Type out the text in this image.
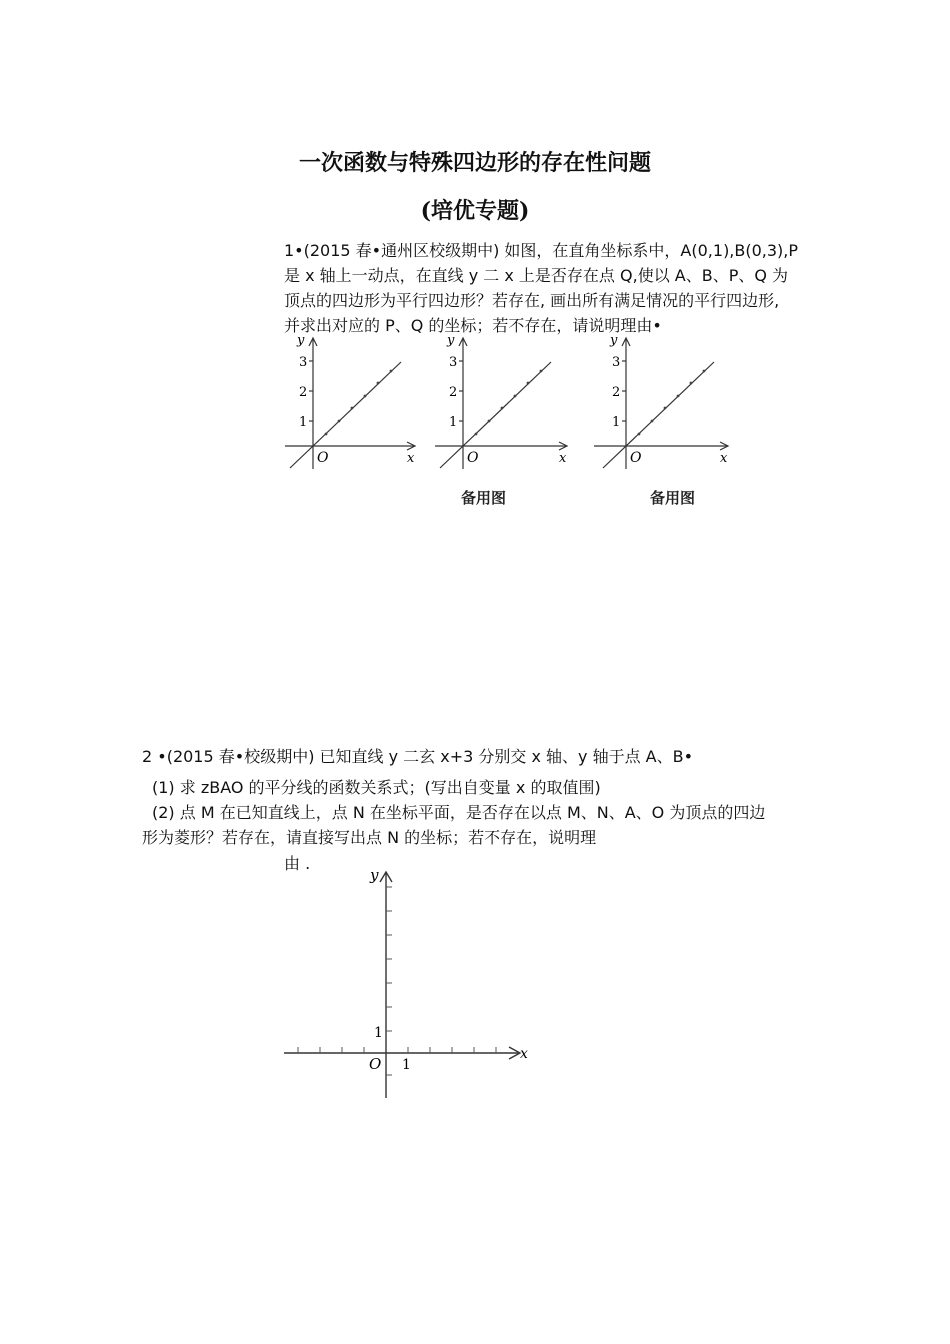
一次函数与特殊四边形的存在性问题
(培优专题)
1•(2015 春•通州区校级期中) 如图，在直角坐标系中，A(0,1),B(0,3),P
是 x 轴上一动点，在直线 y 二 x 上是否存在点 Q,使以 A、B、P、Q 为
顶点的四边形为平行四边形？若存在, 画出所有满足情况的平行四边形,
并求出对应的 P、Q 的坐标；若不存在，请说明理由•
y
x
O
1
2
3
y
x
O
1
2
3
y
x
O
1
2
3
备用图	备用图
2 •(2015 春•校级期中) 已知直线 y 二玄 x+3 分别交 x 轴、y 轴于点 A、B•
(1) 求 zBAO 的平分线的函数关系式；(写出自变量 x 的取值围)
(2) 点 M 在已知直线上，点 N 在坐标平面，是否存在以点 M、N、A、O 为顶点的四边
形为菱形？若存在，请直接写出点 N 的坐标；若不存在，说明理
由 .
y
x
O 1
1
